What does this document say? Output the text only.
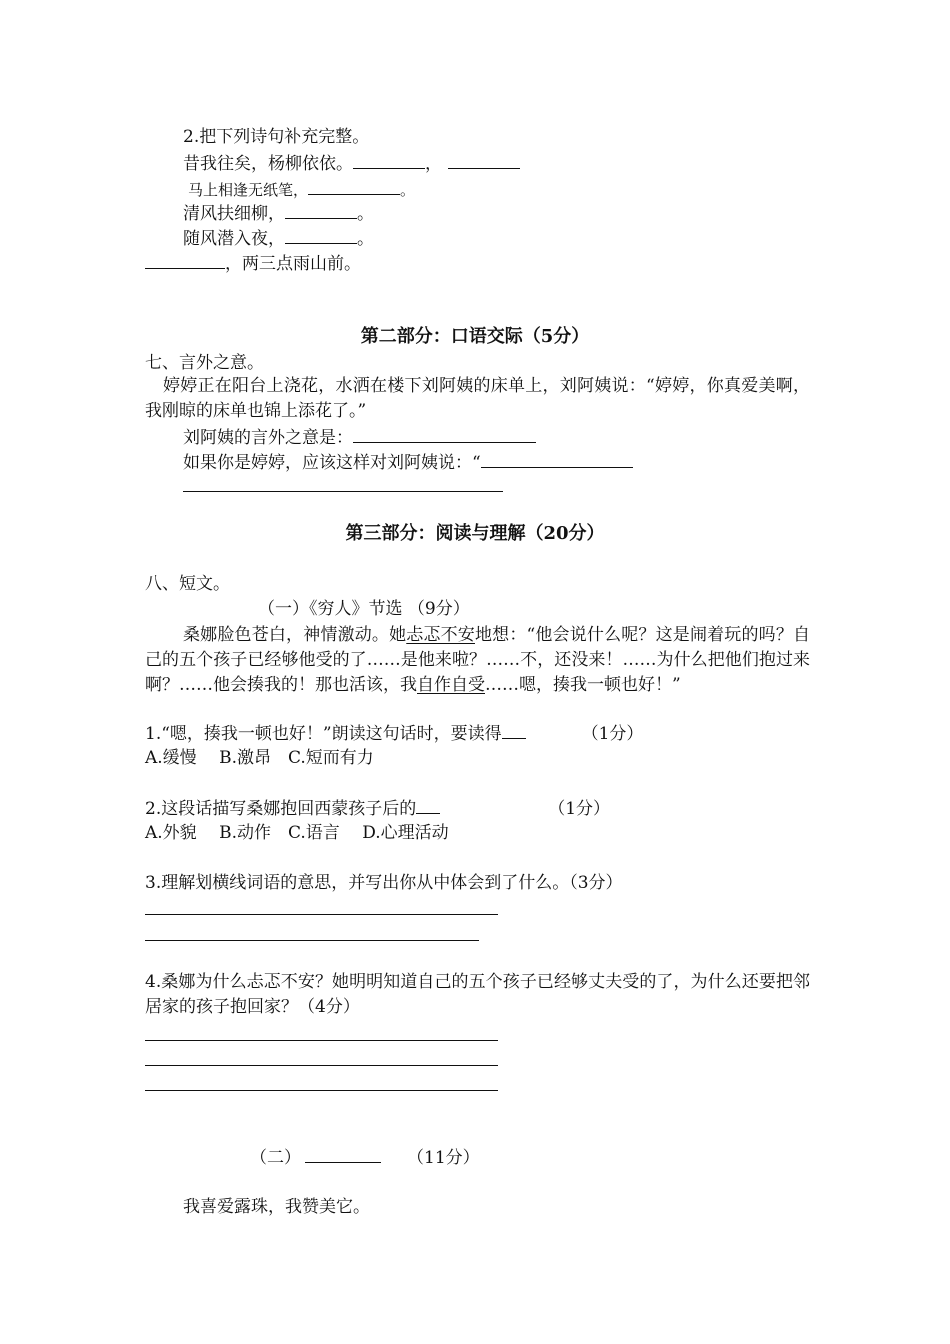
2.把下列诗句补充完整。
昔我往矣，杨柳依依。	，
马上相逢无纸笔，	。
清风扶细柳，	。
随风潜入夜，	。
，两三点雨山前。
第二部分：口语交际（5分）
七、言外之意。
婷婷正在阳台上浇花，水洒在楼下刘阿姨的床单上，刘阿姨说：“婷婷，你真爱美啊，我刚晾的床单也锦上添花了。”
刘阿姨的言外之意是：
如果你是婷婷，应该这样对刘阿姨说：“
第三部分：阅读与理解（20分）
八、短文。
（一）《穷人》节选 （9分）
桑娜脸色苍白，神情激动。她忐忑不安地想：“他会说什么呢？这是闹着玩的吗？自己的五个孩子已经够他受的了……是他来啦？……不，还没来！……为什么把他们抱过来啊？……他会揍我的！那也活该，我自作自受……嗯，揍我一顿也好！”
1.“嗯，揍我一顿也好！”朗读这句话时，要读得	（1分）
A.缓慢　 B.激昂　C.短而有力
2.这段话描写桑娜抱回西蒙孩子后的	（1分）
A.外貌　 B.动作　C.语言　 D.心理活动
3.理解划横线词语的意思，并写出你从中体会到了什么。（3分）
4.桑娜为什么忐忑不安？她明明知道自己的五个孩子已经够丈夫受的了，为什么还要把邻居家的孩子抱回家？（4分）
（二）	（11分）
我喜爱露珠，我赞美它。
